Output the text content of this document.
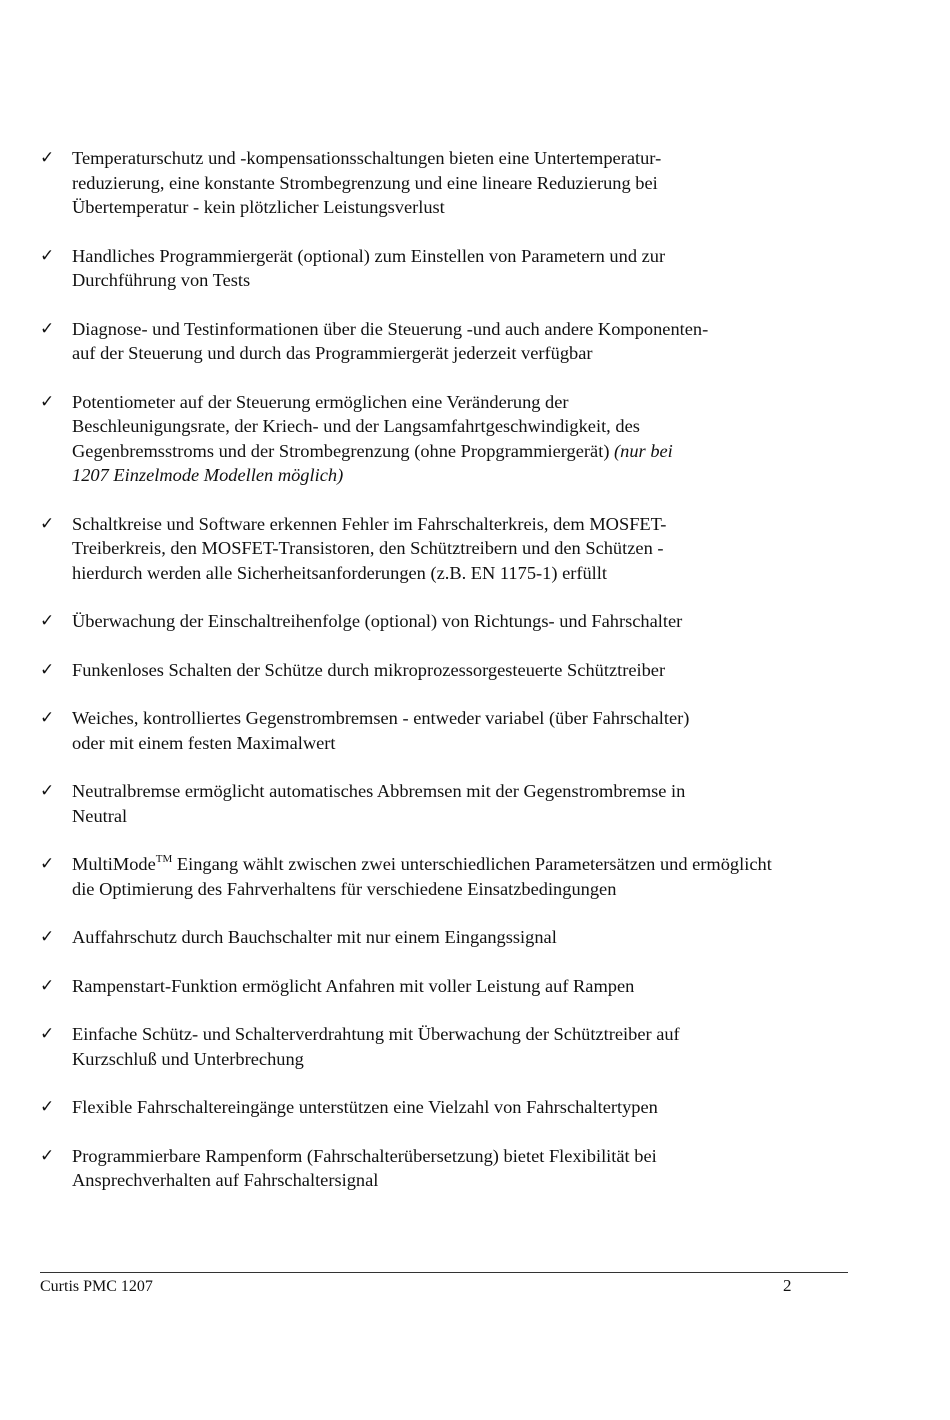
✓ Temperaturschutz und -kompensationsschaltungen bieten eine Untertemperatur-
reduzierung, eine konstante Strombegrenzung und eine lineare Reduzierung bei
Übertemperatur - kein plötzlicher Leistungsverlust
✓ Handliches Programmiergerät (optional) zum Einstellen von Parametern und zur
Durchführung von Tests
✓ Diagnose- und Testinformationen über die Steuerung -und auch andere Komponenten-
auf der Steuerung und durch das Programmiergerät jederzeit verfügbar
✓ Potentiometer auf der Steuerung ermöglichen eine Veränderung der
Beschleunigungsrate, der Kriech- und der Langsamfahrtgeschwindigkeit, des
Gegenbremsstroms und der Strombegrenzung (ohne Propgrammiergerät) (nur bei
1207 Einzelmode Modellen möglich)
✓ Schaltkreise und Software erkennen Fehler im Fahrschalterkreis, dem MOSFET-
Treiberkreis, den MOSFET-Transistoren, den Schütztreibern und den Schützen -
hierdurch werden alle Sicherheitsanforderungen (z.B. EN 1175-1) erfüllt
✓ Überwachung der Einschaltreihenfolge (optional) von Richtungs- und Fahrschalter
✓ Funkenloses Schalten der Schütze durch mikroprozessorgesteuerte Schütztreiber
✓ Weiches, kontrolliertes Gegenstrombremsen - entweder variabel (über Fahrschalter)
oder mit einem festen Maximalwert
✓ Neutralbremse ermöglicht automatisches Abbremsen mit der Gegenstrombremse in
Neutral
✓ MultiMode™ Eingang wählt zwischen zwei unterschiedlichen Parametersätzen und ermöglicht
die Optimierung des Fahrverhaltens für verschiedene Einsatzbedingungen
✓ Auffahrschutz durch Bauchschalter mit nur einem Eingangssignal
✓ Rampenstart-Funktion ermöglicht Anfahren mit voller Leistung auf Rampen
✓ Einfache Schütz- und Schalterverdrahtung mit Überwachung der Schütztreiber auf
Kurzschluß und Unterbrechung
✓ Flexible Fahrschaltereingänge unterstützen eine Vielzahl von Fahrschaltertypen
✓ Programmierbare Rampenform (Fahrschalterübersetzung) bietet Flexibilität bei
Ansprechverhalten auf Fahrschaltersignal
Curtis PMC 1207	2
